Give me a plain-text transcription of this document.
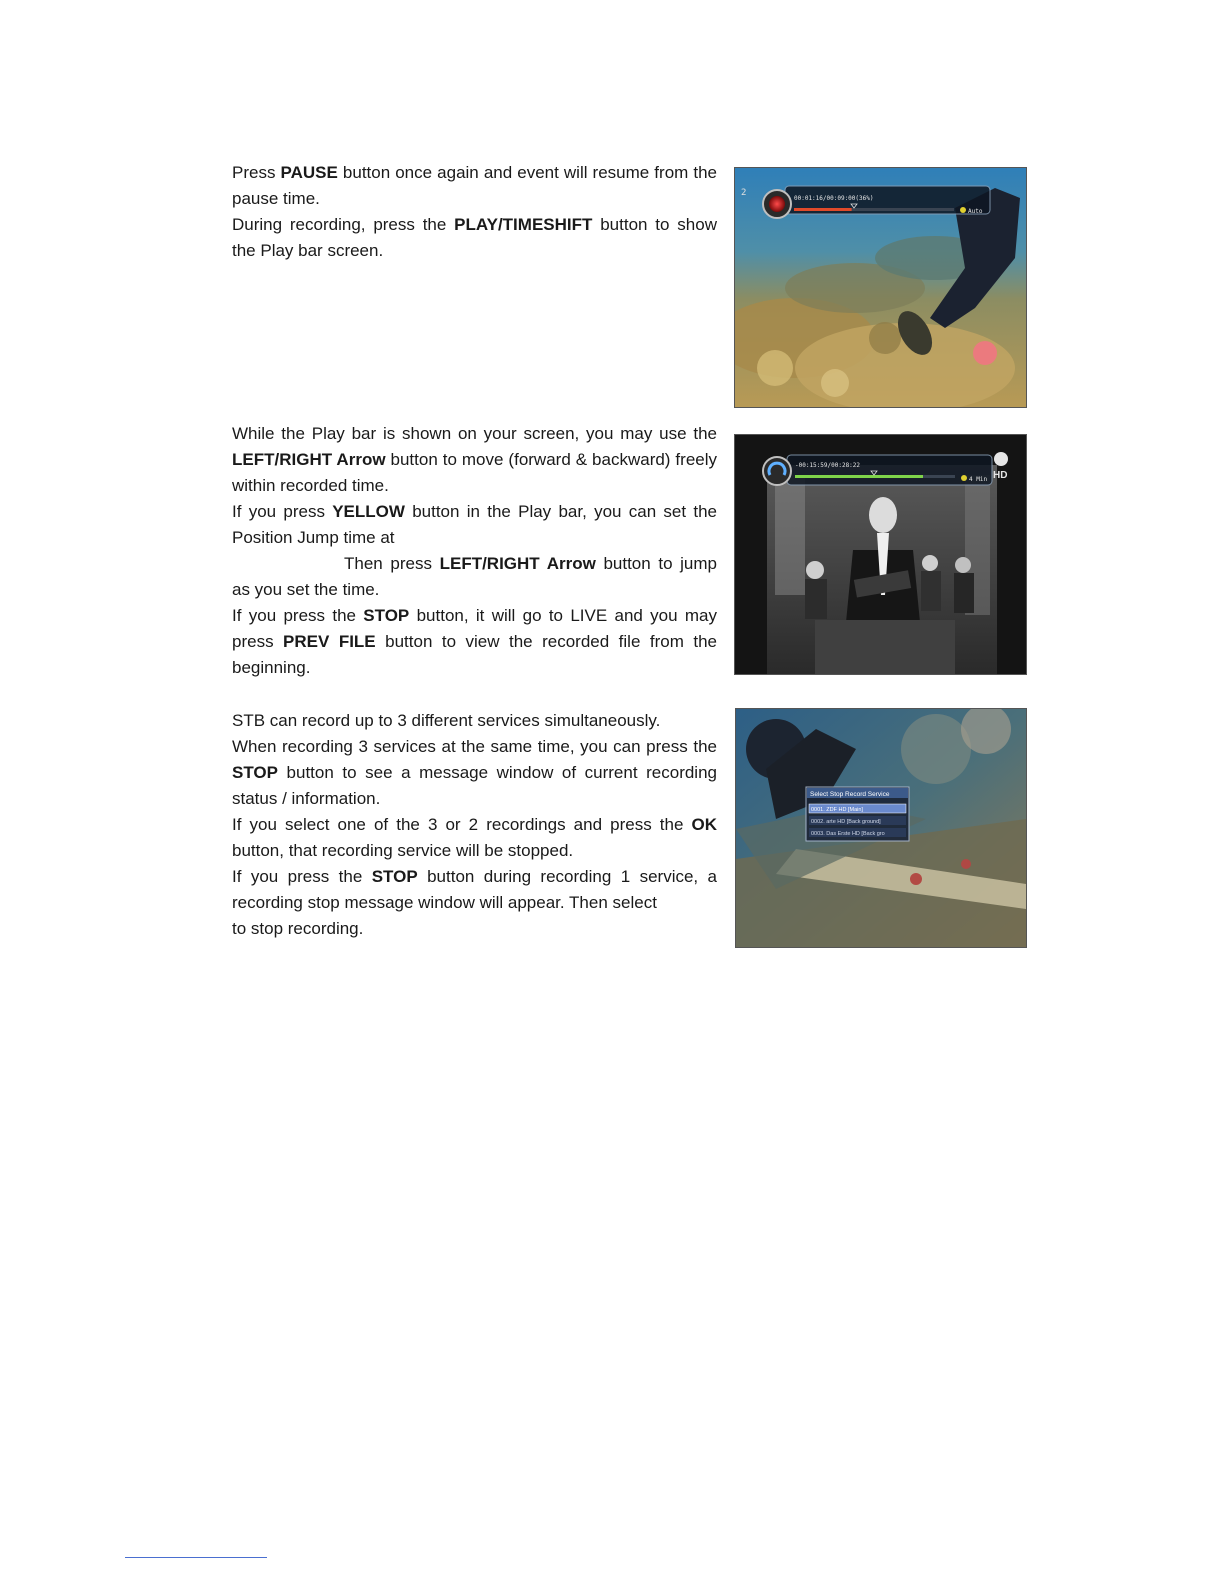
Press PAUSE button once again and event will resume from the pause time.

During recording, press the PLAY/TIMESHIFT button to show the Play bar screen.

While the Play bar is shown on your screen, you may use the LEFT/RIGHT Arrow button to move (forward & backward) freely within recorded time.

If you press YELLOW button in the Play bar, you can set the Position Jump time at

Then press LEFT/RIGHT Arrow button to jump as you set the time.

If you press the STOP button, it will go to LIVE and you may press PREV FILE button to view the recorded file from the beginning.

STB can record up to 3 different services simultaneously.

When recording 3 services at the same time, you can press the STOP button to see a message window of current recording status / information.

If you select one of the 3 or 2 recordings and press the OK button, that recording service will be stopped.

If you press the STOP button during recording 1 service, a recording stop message window will appear. Then select

to stop recording.

2
00:01:16/00:09:00(36%)
Auto
-00:15:59/00:28:22
4 Min HD
Select Stop Record Service
0001. ZDF HD [Main]
0002. arte HD [Back ground]
0003. Das Erste HD [Back gro
